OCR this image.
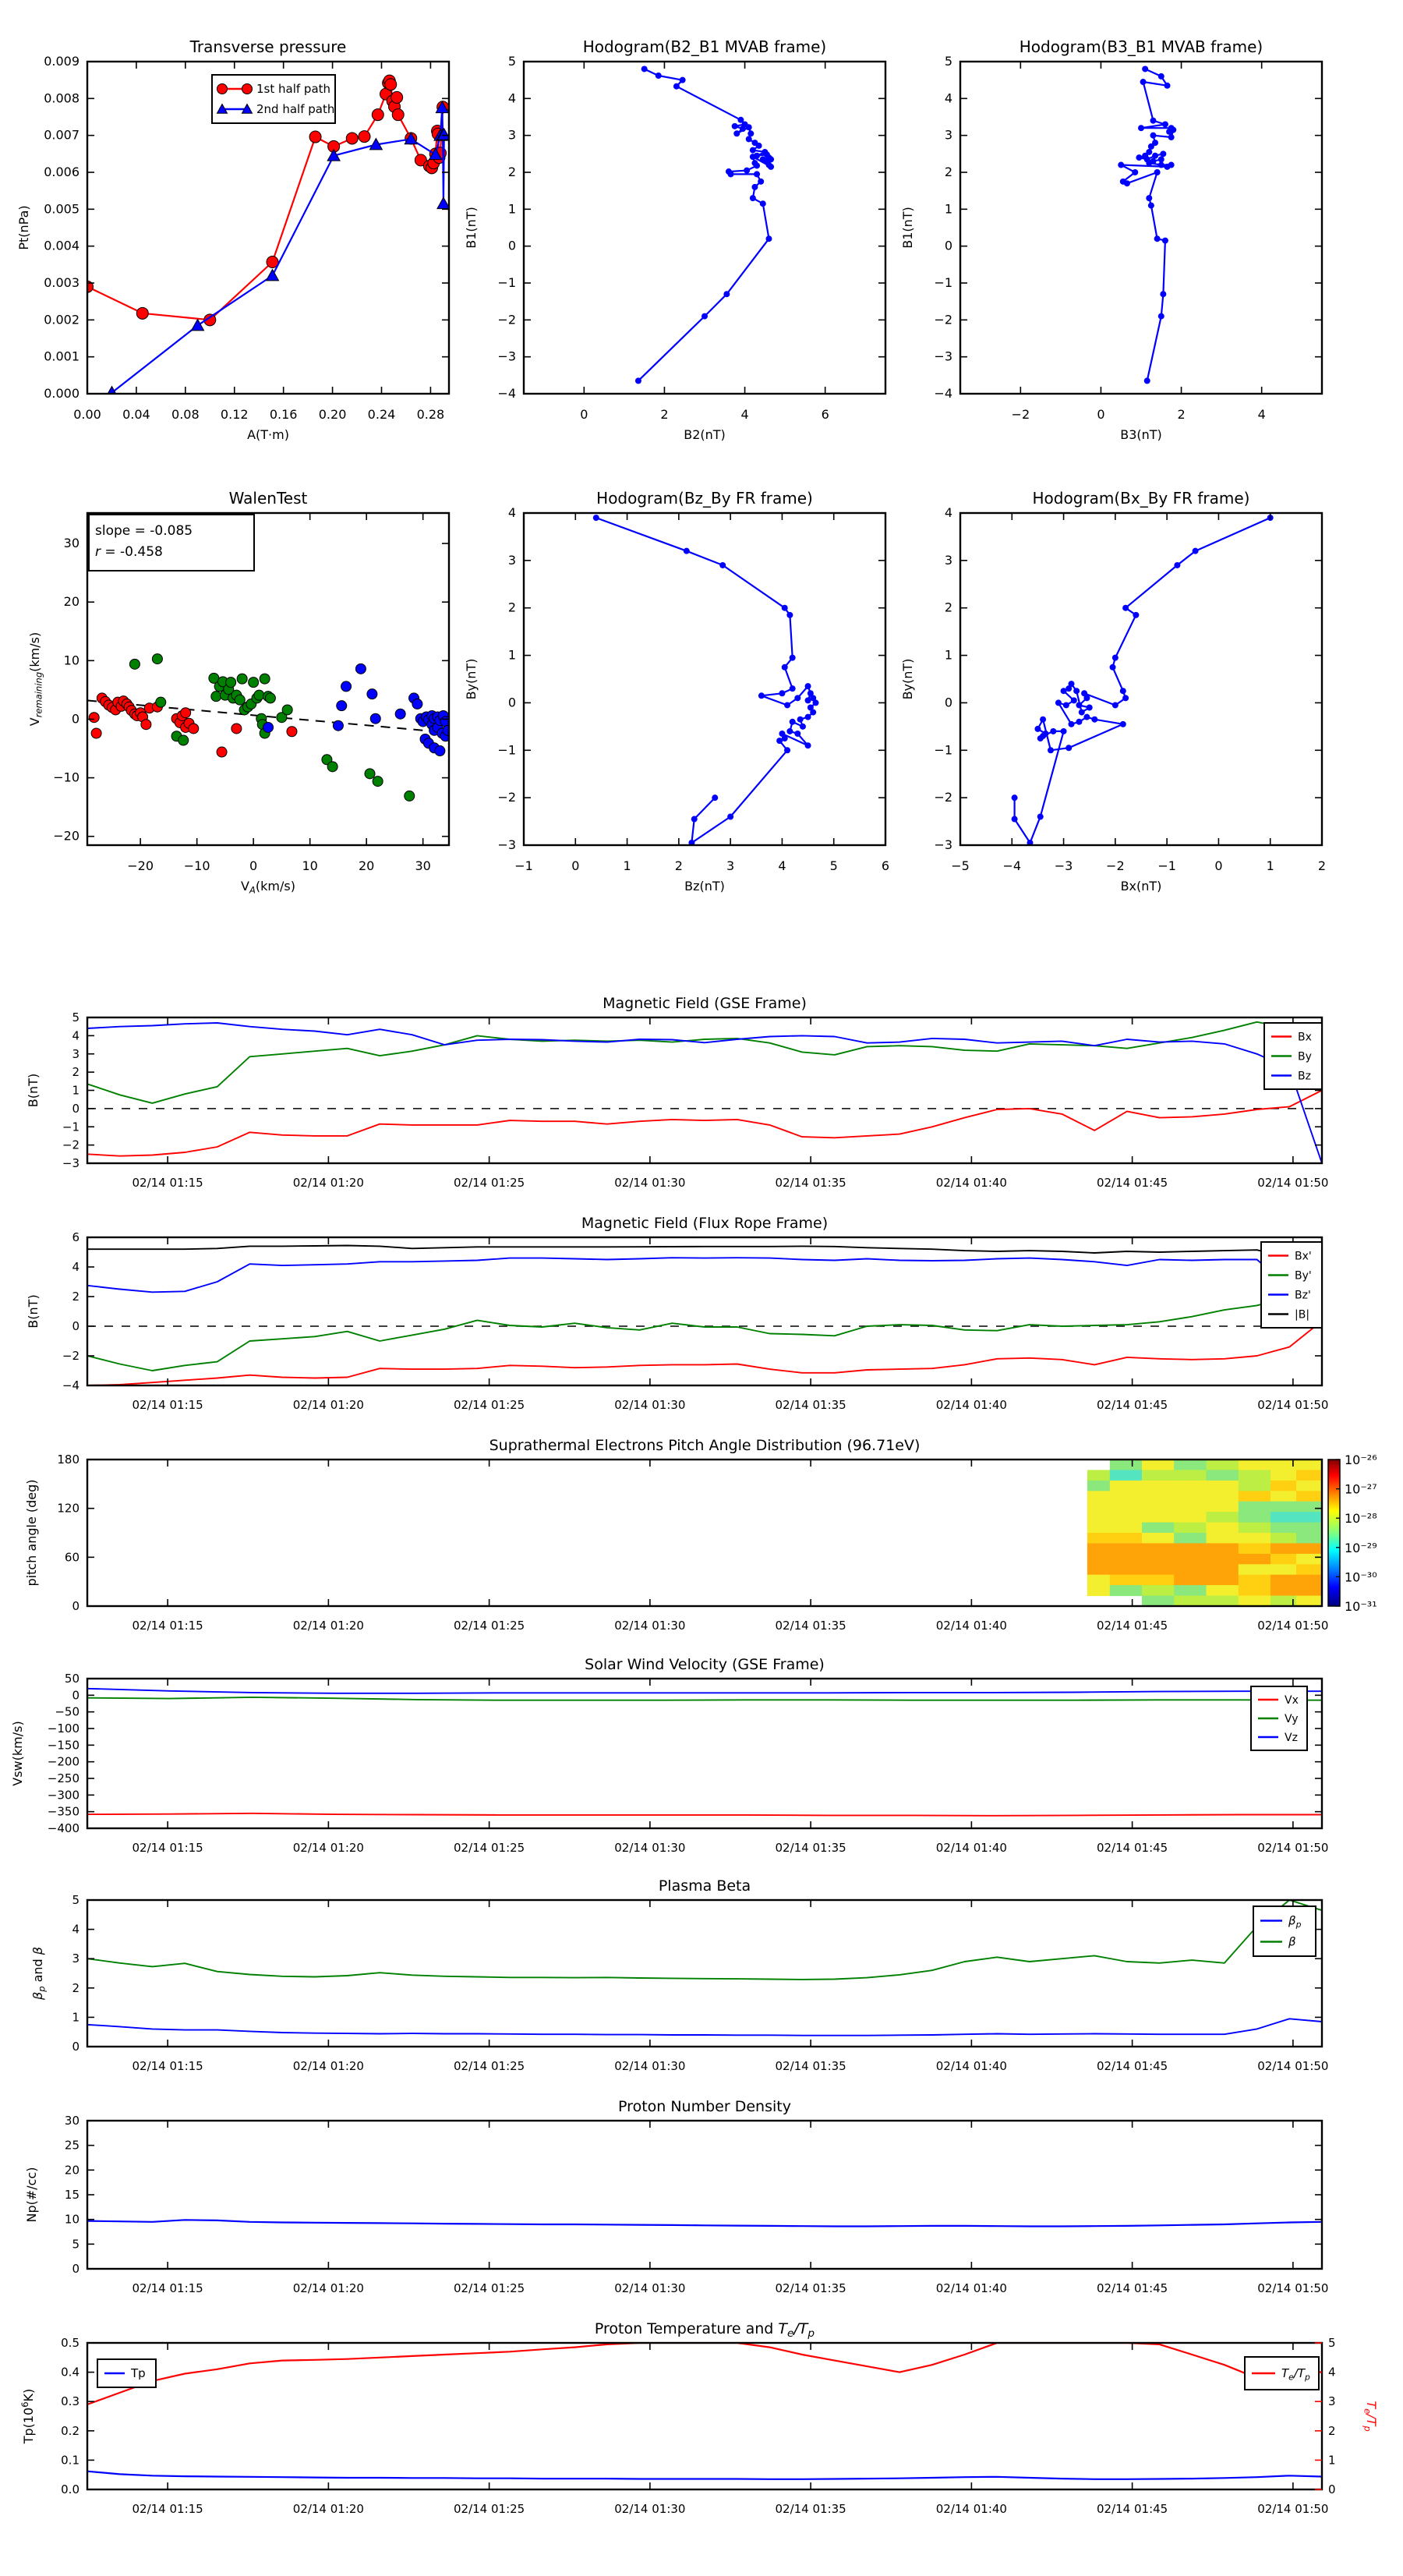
0.00 0.04 0.08 0.12 0.16 0.20 0.24 0.28
0.000
0.001
0.002
0.003
0.004
0.005
0.006
0.007
0.008
0.009
Transverse pressure
A(T·m)
Pt(nPa)
1st half path
2nd half path
0	2	4	6
−4
−3
−2
−1
0
1
2
3
4
5
Hodogram(B2_B1 MVAB frame)
B2(nT)
B1(nT)
−2	0	2	4
−4
−3
−2
−1
0
1
2
3
4
5
Hodogram(B3_B1 MVAB frame)
B3(nT)
B1(nT)
−20 −10	0	10	20	30
−20
−10
0
10
20
30
WalenTest
$V_A(km/s)$
$V_{remaining}(km/s)$
slope = -0.085
r = -0.458
−1	0	1	2	3	4	5	6
−3
−2
−1
0
1
2
3
4
Hodogram(Bz_By FR frame)
Bz(nT)
By(nT)
−5	−4	−3	−2	−1	0	1	2
−3
−2
−1
0
1
2
3
4
Hodogram(Bx_By FR frame)
Bx(nT)
By(nT)
02/14 01:15	02/14 01:20	02/14 01:25	02/14 01:30	02/14 01:35	02/14 01:40	02/14 01:45	02/14 01:50
−3
−2
−1
0
1
2
3
4
5
Magnetic Field (GSE Frame)
B(nT)
Bx
By
Bz
02/14 01:15	02/14 01:20	02/14 01:25	02/14 01:30	02/14 01:35	02/14 01:40	02/14 01:45	02/14 01:50
−4
−2
0
2
4
6
Magnetic Field (Flux Rope Frame)
B(nT)
Bx'
By'
Bz'
|B|
02/14 01:15	02/14 01:20	02/14 01:25	02/14 01:30	02/14 01:35	02/14 01:40	02/14 01:45	02/14 01:50
0
60
120
180
Suprathermal Electrons Pitch Angle Distribution (96.71eV)
pitch angle (deg)
10⁻²⁶
10⁻²⁷
10⁻²⁸
10⁻²⁹
10⁻³⁰
10⁻³¹
02/14 01:15	02/14 01:20	02/14 01:25	02/14 01:30	02/14 01:35	02/14 01:40	02/14 01:45	02/14 01:50
50
0
−50
−100
−150
−200
−250
−300
−350
−400
Solar Wind Velocity (GSE Frame)
Vsw(km/s)
Vx
Vy
Vz
02/14 01:15	02/14 01:20	02/14 01:25	02/14 01:30	02/14 01:35	02/14 01:40	02/14 01:45	02/14 01:50
0
1
2
3
4
5
Plasma Beta
$\beta_p$ and β
$\beta_p$
β
02/14 01:15	02/14 01:20	02/14 01:25	02/14 01:30	02/14 01:35	02/14 01:40	02/14 01:45	02/14 01:50
0
5
10
15
20
25
30
Proton Number Density
Np(#/cc)
02/14 01:15	02/14 01:20	02/14 01:25	02/14 01:30	02/14 01:35	02/14 01:40	02/14 01:45	02/14 01:50
0.0
0.1
0.2
0.3
0.4
0.5
0
1
2
3
4
5
$T_e/T_p$
Proton Temperature and $T_e/T_p$
$Tp(10^6K)$
Tp	$T_e/T_p$
